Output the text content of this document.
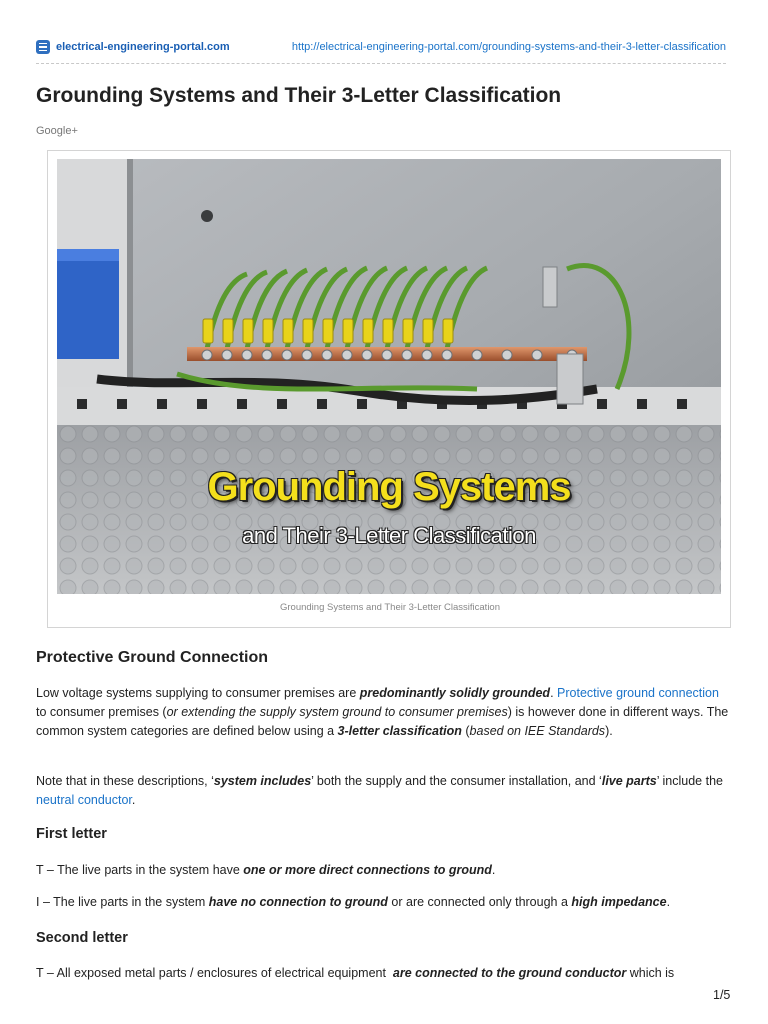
electrical-engineering-portal.com	http://electrical-engineering-portal.com/grounding-systems-and-their-3-letter-classification
Grounding Systems and Their 3-Letter Classification
Google+
Grounding Systems
and Their 3-Letter Classification
Grounding Systems and Their 3-Letter Classification
Protective Ground Connection

Low voltage systems supplying to consumer premises are predominantly solidly grounded. Protective ground connection to consumer premises (or extending the supply system ground to consumer premises) is however done in different ways. The common system categories are defined below using a 3-letter classification (based on IEE Standards).

Note that in these descriptions, ‘system includes’ both the supply and the consumer installation, and ‘live parts’ include the neutral conductor.

First letter

T – The live parts in the system have one or more direct connections to ground.

I – The live parts in the system have no connection to ground or are connected only through a high impedance.

Second letter

T – All exposed metal parts / enclosures of electrical equipment  are connected to the ground conductor which is

1/5
